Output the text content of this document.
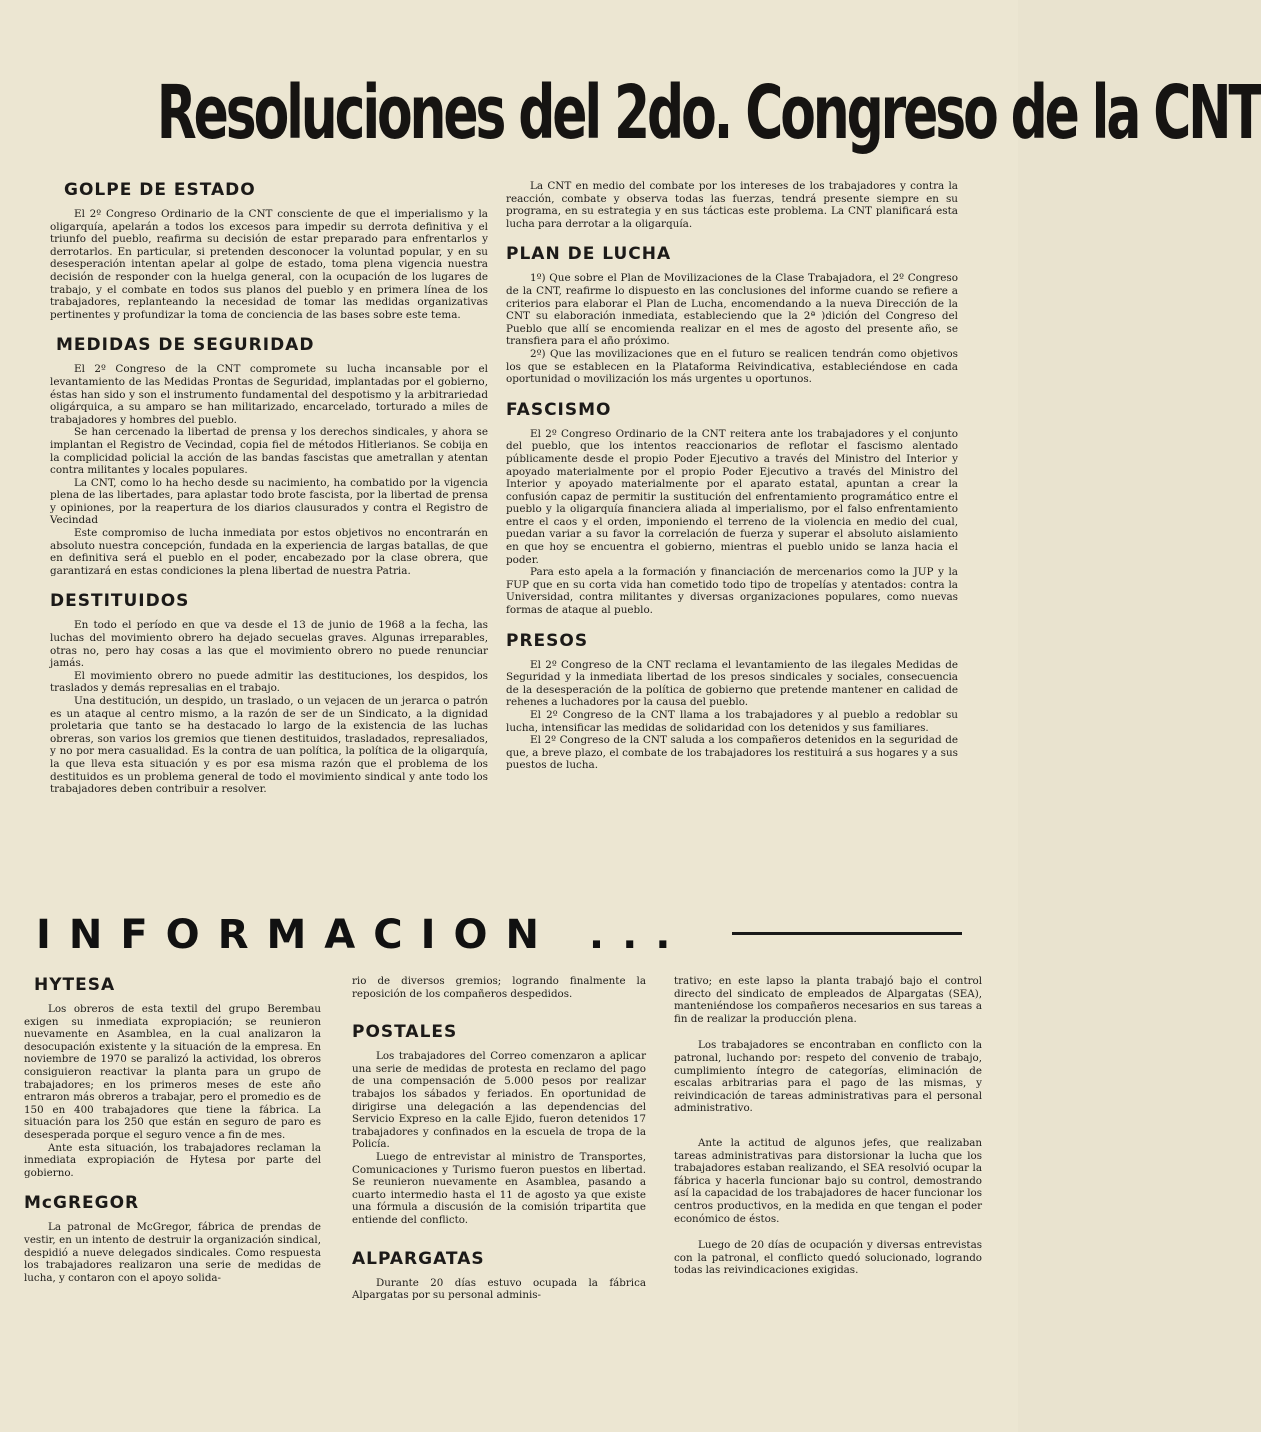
Resoluciones del 2do. Congreso de la CNT
GOLPE DE ESTADO

El 2º Congreso Ordinario de la CNT consciente de que el imperialismo y la oligarquía, apelarán a todos los excesos para impedir su derrota definitiva y el triunfo del pueblo, reafirma su decisión de estar preparado para enfrentarlos y derrotarlos. En particular, si pretenden desconocer la voluntad popular, y en su desesperación intentan apelar al golpe de estado, toma plena vigencia nuestra decisión de responder con la huelga general, con la ocupación de los lugares de trabajo, y el combate en todos sus planos del pueblo y en primera línea de los trabajadores, replanteando la necesidad de tomar las medidas organizativas pertinentes y profundizar la toma de conciencia de las bases sobre este tema.

MEDIDAS DE SEGURIDAD

El 2º Congreso de la CNT compromete su lucha incansable por el levantamiento de las Medidas Prontas de Seguridad, implantadas por el gobierno, éstas han sido y son el instrumento fundamental del despotismo y la arbitrariedad oligárquica, a su amparo se han militarizado, encarcelado, torturado a miles de trabajadores y hombres del pueblo.

Se han cercenado la libertad de prensa y los derechos sindicales, y ahora se implantan el Registro de Vecindad, copia fiel de métodos Hitlerianos. Se cobija en la complicidad policial la acción de las bandas fascistas que ametrallan y atentan contra militantes y locales populares.

La CNT, como lo ha hecho desde su nacimiento, ha combatido por la vigencia plena de las libertades, para aplastar todo brote fascista, por la libertad de prensa y opiniones, por la reapertura de los diarios clausurados y contra el Registro de Vecindad

Este compromiso de lucha inmediata por estos objetivos no encontrarán en absoluto nuestra concepción, fundada en la experiencia de largas batallas, de que en definitiva será el pueblo en el poder, encabezado por la clase obrera, que garantizará en estas condiciones la plena libertad de nuestra Patria.

DESTITUIDOS

En todo el período en que va desde el 13 de junio de 1968 a la fecha, las luchas del movimiento obrero ha dejado secuelas graves. Algunas irreparables, otras no, pero hay cosas a las que el movimiento obrero no puede renunciar jamás.

El movimiento obrero no puede admitir las destituciones, los despidos, los traslados y demás represalias en el trabajo.

Una destitución, un despido, un traslado, o un vejacen de un jerarca o patrón es un ataque al centro mismo, a la razón de ser de un Sindicato, a la dignidad proletaria que tanto se ha destacado lo largo de la existencia de las luchas obreras, son varios los gremios que tienen destituidos, trasladados, represaliados, y no por mera casualidad. Es la contra de uan política, la política de la oligarquía, la que lleva esta situación y es por esa misma razón que el problema de los destituidos es un problema general de todo el movimiento sindical y ante todo los trabajadores deben contribuir a resolver.

La CNT en medio del combate por los intereses de los trabajadores y contra la reacción, combate y observa todas las fuerzas, tendrá presente siempre en su programa, en su estrategia y en sus tácticas este problema. La CNT planificará esta lucha para derrotar a la oligarquía.

PLAN DE LUCHA

1º) Que sobre el Plan de Movilizaciones de la Clase Trabajadora, el 2º Congreso de la CNT, reafirme lo dispuesto en las conclusiones del informe cuando se refiere a criterios para elaborar el Plan de Lucha, encomendando a la nueva Dirección de la CNT su elaboración inmediata, estableciendo que la 2ª )dición del Congreso del Pueblo que allí se encomienda realizar en el mes de agosto del presente año, se transfiera para el año próximo.

2º) Que las movilizaciones que en el futuro se realicen tendrán como objetivos los que se establecen en la Plataforma Reivindicativa, estableciéndose en cada oportunidad o movilización los más urgentes u oportunos.

FASCISMO

El 2º Congreso Ordinario de la CNT reitera ante los trabajadores y el conjunto del pueblo, que los intentos reaccionarios de reflotar el fascismo alentado públicamente desde el propio Poder Ejecutivo a través del Ministro del Interior y apoyado materialmente por el propio Poder Ejecutivo a través del Ministro del Interior y apoyado materialmente por el aparato estatal, apuntan a crear la confusión capaz de permitir la sustitución del enfrentamiento programático entre el pueblo y la oligarquía financiera aliada al imperialismo, por el falso enfrentamiento entre el caos y el orden, imponiendo el terreno de la violencia en medio del cual, puedan variar a su favor la correlación de fuerza y superar el absoluto aislamiento en que hoy se encuentra el gobierno, mientras el pueblo unido se lanza hacia el poder.

Para esto apela a la formación y financiación de mercenarios como la JUP y la FUP que en su corta vida han cometido todo tipo de tropelías y atentados: contra la Universidad, contra militantes y diversas organizaciones populares, como nuevas formas de ataque al pueblo.

PRESOS

El 2º Congreso de la CNT reclama el levantamiento de las ilegales Medidas de Seguridad y la inmediata libertad de los presos sindicales y sociales, consecuencia de la desesperación de la política de gobierno que pretende mantener en calidad de rehenes a luchadores por la causa del pueblo.

El 2º Congreso de la CNT llama a los trabajadores y al pueblo a redoblar su lucha, intensificar las medidas de solidaridad con los detenidos y sus familiares.

El 2º Congreso de la CNT saluda a los compañeros detenidos en la seguridad de que, a breve plazo, el combate de los trabajadores los restituirá a sus hogares y a sus puestos de lucha.

INFORMACION ...
HYTESA

Los obreros de esta textil del grupo Berembau exigen su inmediata expropiación; se reunieron nuevamente en Asamblea, en la cual analizaron la desocupación existente y la situación de la empresa. En noviembre de 1970 se paralizó la actividad, los obreros consiguieron reactivar la planta para un grupo de trabajadores; en los primeros meses de este año entraron más obreros a trabajar, pero el promedio es de 150 en 400 trabajadores que tiene la fábrica. La situación para los 250 que están en seguro de paro es desesperada porque el seguro vence a fin de mes.

Ante esta situación, los trabajadores reclaman la inmediata expropiación de Hytesa por parte del gobierno.

McGREGOR

La patronal de McGregor, fábrica de prendas de vestir, en un intento de destruir la organización sindical, despidió a nueve delegados sindicales. Como respuesta los trabajadores realizaron una serie de medidas de lucha, y contaron con el apoyo solida-

rio de diversos gremios; logrando finalmente la reposición de los compañeros despedidos.

POSTALES

Los trabajadores del Correo comenzaron a aplicar una serie de medidas de protesta en reclamo del pago de una compensación de 5.000 pesos por realizar trabajos los sábados y feriados. En oportunidad de dirigirse una delegación a las dependencias del Servicio Expreso en la calle Ejido, fueron detenidos 17 trabajadores y confinados en la escuela de tropa de la Policía.

Luego de entrevistar al ministro de Transportes, Comunicaciones y Turismo fueron puestos en libertad. Se reunieron nuevamente en Asamblea, pasando a cuarto intermedio hasta el 11 de agosto ya que existe una fórmula a discusión de la comisión tripartita que entiende del conflicto.

ALPARGATAS

Durante 20 días estuvo ocupada la fábrica Alpargatas por su personal adminis-

trativo; en este lapso la planta trabajó bajo el control directo del sindicato de empleados de Alpargatas (SEA), manteniéndose los compañeros necesarios en sus tareas a fin de realizar la producción plena.

Los trabajadores se encontraban en conflicto con la patronal, luchando por: respeto del convenio de trabajo, cumplimiento íntegro de categorías, eliminación de escalas arbitrarias para el pago de las mismas, y reivindicación de tareas administrativas para el personal administrativo.

Ante la actitud de algunos jefes, que realizaban tareas administrativas para distorsionar la lucha que los trabajadores estaban realizando, el SEA resolvió ocupar la fábrica y hacerla funcionar bajo su control, demostrando así la capacidad de los trabajadores de hacer funcionar los centros productivos, en la medida en que tengan el poder económico de éstos.

Luego de 20 días de ocupación y diversas entrevistas con la patronal, el conflicto quedó solucionado, logrando todas las reivindicaciones exigidas.
